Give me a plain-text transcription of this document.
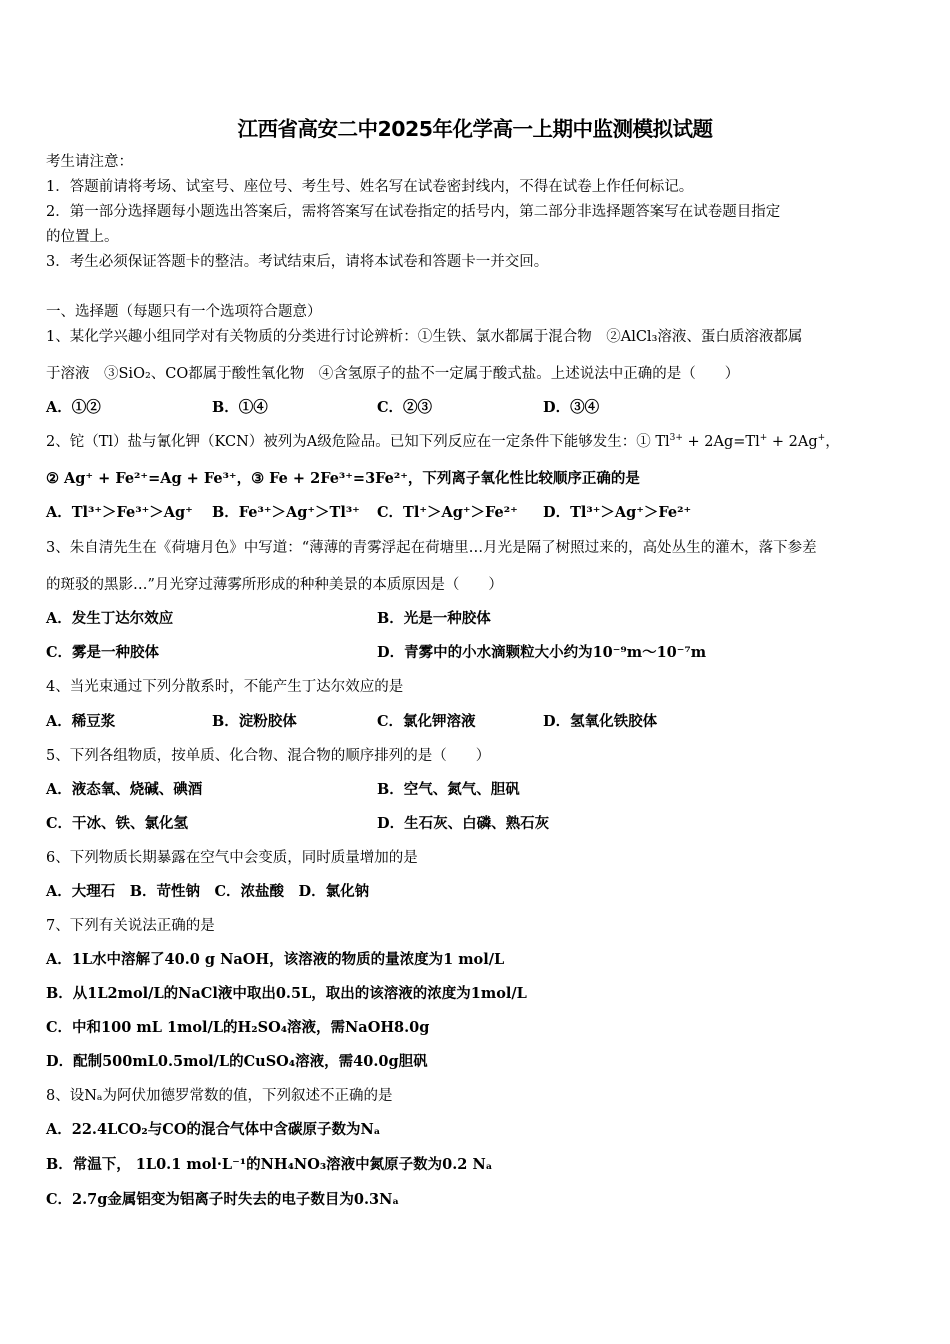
江西省高安二中2025年化学高一上期中监测模拟试题
考生请注意：
1．答题前请将考场、试室号、座位号、考生号、姓名写在试卷密封线内，不得在试卷上作任何标记。
2．第一部分选择题每小题选出答案后，需将答案写在试卷指定的括号内，第二部分非选择题答案写在试卷题目指定
的位置上。
3．考生必须保证答题卡的整洁。考试结束后，请将本试卷和答题卡一并交回。
一、选择题（每题只有一个选项符合题意）
1、某化学兴趣小组同学对有关物质的分类进行讨论辨析：①生铁、氯水都属于混合物　②AlCl₃溶液、蛋白质溶液都属
于溶液　③SiO₂、CO都属于酸性氧化物　④含氢原子的盐不一定属于酸式盐。上述说法中正确的是（　　）
A．①②	B．①④	C．②③	D．③④
2、铊（Tl）盐与氰化钾（KCN）被列为A级危险品。已知下列反应在一定条件下能够发生：① $Tl^{3+} + 2Ag=Tl^+ + 2Ag^+$，
② Ag⁺ + Fe²⁺=Ag + Fe³⁺，③ Fe + 2Fe³⁺=3Fe²⁺，下列离子氧化性比较顺序正确的是
A．Tl³⁺＞Fe³⁺＞Ag⁺ B．Fe³⁺＞Ag⁺＞Tl³⁺ C．Tl⁺＞Ag⁺＞Fe²⁺ D．Tl³⁺＞Ag⁺＞Fe²⁺
3、朱自清先生在《荷塘月色》中写道：“薄薄的青雾浮起在荷塘里…月光是隔了树照过来的，高处丛生的灌木，落下参差
的斑驳的黑影…”月光穿过薄雾所形成的种种美景的本质原因是（　　）
A．发生丁达尔效应	B．光是一种胶体
C．雾是一种胶体	D．青雾中的小水滴颗粒大小约为10⁻⁹m～10⁻⁷m
4、当光束通过下列分散系时，不能产生丁达尔效应的是
A．稀豆浆	B．淀粉胶体	C．氯化钾溶液	D．氢氧化铁胶体
5、下列各组物质，按单质、化合物、混合物的顺序排列的是（　　）
A．液态氧、烧碱、碘酒	B．空气、氮气、胆矾
C．干冰、铁、氯化氢	D．生石灰、白磷、熟石灰
6、下列物质长期暴露在空气中会变质，同时质量增加的是
A．大理石　B．苛性钠　C．浓盐酸　D．氯化钠
7、下列有关说法正确的是
A．1L水中溶解了40.0 g NaOH，该溶液的物质的量浓度为1 mol/L
B．从1L2mol/L的NaCl液中取出0.5L，取出的该溶液的浓度为1mol/L
C．中和100 mL 1mol/L的H₂SO₄溶液，需NaOH8.0g
D．配制500mL0.5mol/L的CuSO₄溶液，需40.0g胆矾
8、设Nₐ为阿伏加德罗常数的值，下列叙述不正确的是
A．22.4LCO₂与CO的混合气体中含碳原子数为Nₐ
B．常温下， 1L0.1 mol·L⁻¹的NH₄NO₃溶液中氮原子数为0.2 Nₐ
C．2.7g金属铝变为铝离子时失去的电子数目为0.3Nₐ
